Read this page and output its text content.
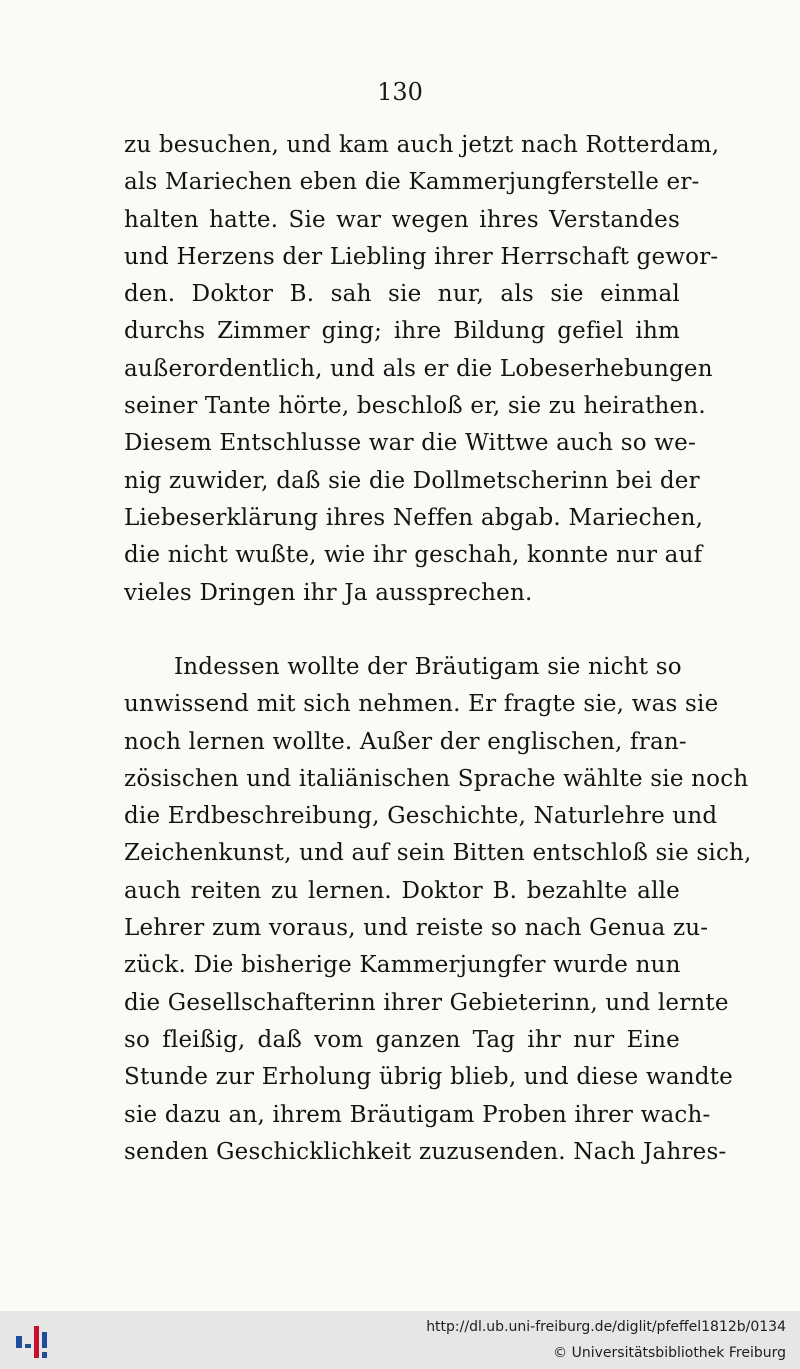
130
zu besuchen, und kam auch jetzt nach Rotterdam,
als Mariechen eben die Kammerjungferstelle er-
halten hatte. Sie war wegen ihres Verstandes
und Herzens der Liebling ihrer Herrschaft gewor-
den. Doktor B. sah sie nur, als sie einmal
durchs Zimmer ging; ihre Bildung gefiel ihm
außerordentlich, und als er die Lobeserhebungen
seiner Tante hörte, beschloß er, sie zu heirathen.
Diesem Entschlusse war die Wittwe auch so we-
nig zuwider, daß sie die Dollmetscherinn bei der
Liebeserklärung ihres Neffen abgab. Mariechen,
die nicht wußte, wie ihr geschah, konnte nur auf
vieles Dringen ihr Ja aussprechen.
Indessen wollte der Bräutigam sie nicht so
unwissend mit sich nehmen. Er fragte sie, was sie
noch lernen wollte. Außer der englischen, fran-
zösischen und italiänischen Sprache wählte sie noch
die Erdbeschreibung, Geschichte, Naturlehre und
Zeichenkunst, und auf sein Bitten entschloß sie sich,
auch reiten zu lernen. Doktor B. bezahlte alle
Lehrer zum voraus, und reiste so nach Genua zu-
zück. Die bisherige Kammerjungfer wurde nun
die Gesellschafterinn ihrer Gebieterinn, und lernte
so fleißig, daß vom ganzen Tag ihr nur Eine
Stunde zur Erholung übrig blieb, und diese wandte
sie dazu an, ihrem Bräutigam Proben ihrer wach-
senden Geschicklichkeit zuzusenden. Nach Jahres-
http://dl.ub.uni-freiburg.de/diglit/pfeffel1812b/0134
© Universitätsbibliothek Freiburg
